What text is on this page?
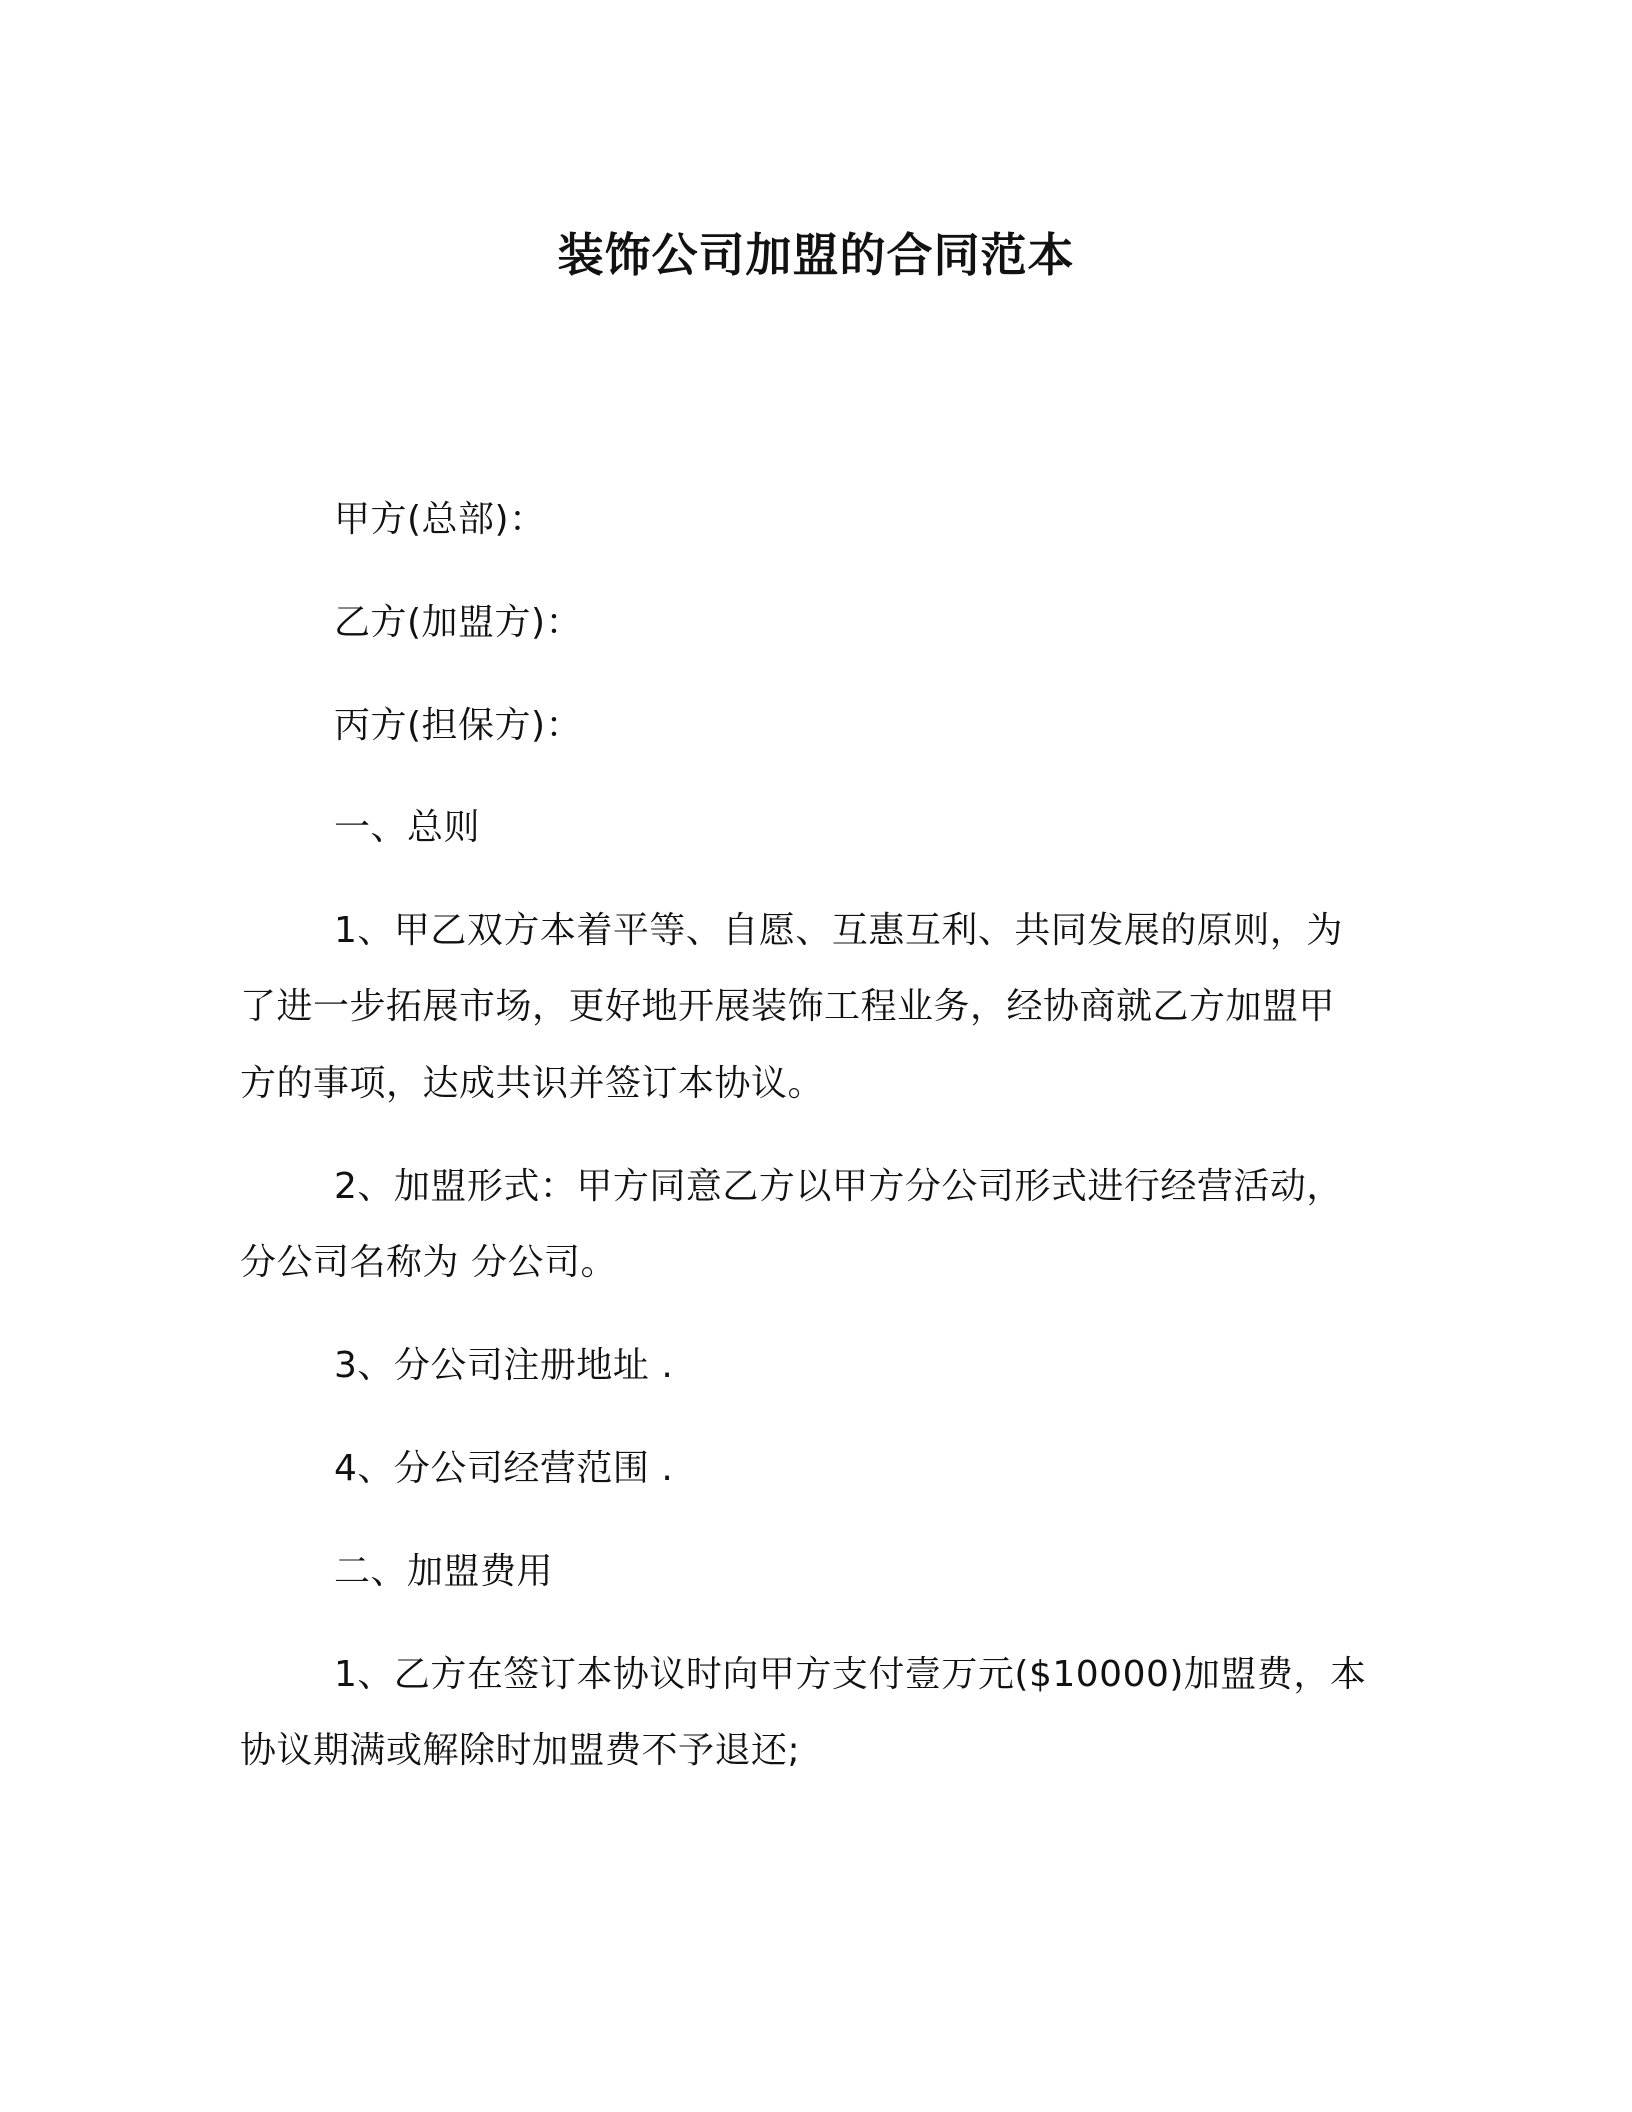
装饰公司加盟的合同范本

甲方(总部)：

乙方(加盟方)：

丙方(担保方)：

一、总则

1、甲乙双方本着平等、自愿、互惠互利、共同发展的原则，为

了进一步拓展市场，更好地开展装饰工程业务，经协商就乙方加盟甲

方的事项，达成共识并签订本协议。

2、加盟形式：甲方同意乙方以甲方分公司形式进行经营活动，

分公司名称为 分公司。

3、分公司注册地址 .

4、分公司经营范围 .

二、加盟费用

1、乙方在签订本协议时向甲方支付壹万元($10000)加盟费，本

协议期满或解除时加盟费不予退还;
